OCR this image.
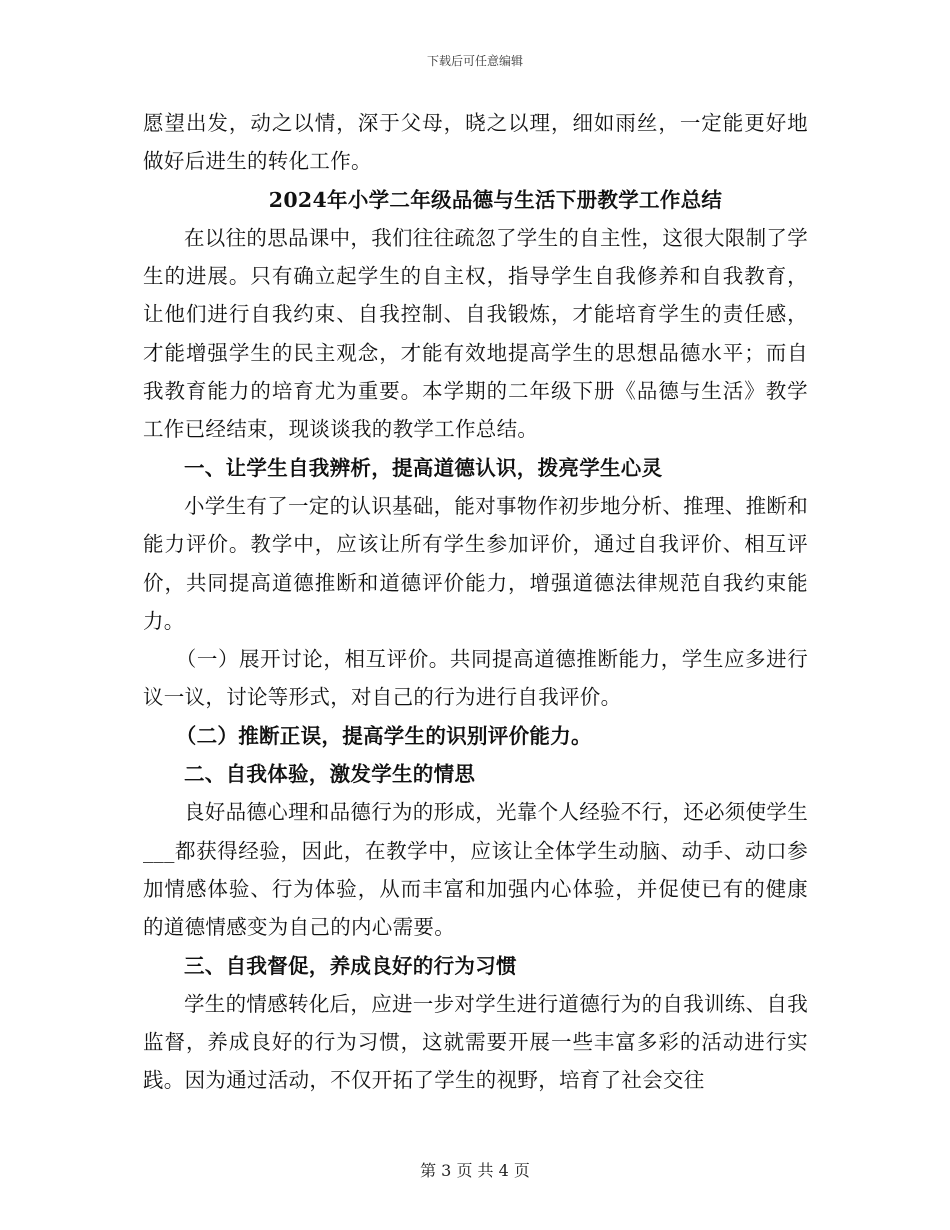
下载后可任意编辑

愿望出发，动之以情，深于父母，晓之以理，细如雨丝，一定能更好地做好后进生的转化工作。

2024年小学二年级品德与生活下册教学工作总结

在以往的思品课中，我们往往疏忽了学生的自主性，这很大限制了学生的进展。只有确立起学生的自主权，指导学生自我修养和自我教育，让他们进行自我约束、自我控制、自我锻炼，才能培育学生的责任感，才能增强学生的民主观念，才能有效地提高学生的思想品德水平；而自我教育能力的培育尤为重要。本学期的二年级下册《品德与生活》教学工作已经结束，现谈谈我的教学工作总结。

一、让学生自我辨析，提高道德认识，拨亮学生心灵

小学生有了一定的认识基础，能对事物作初步地分析、推理、推断和能力评价。教学中，应该让所有学生参加评价，通过自我评价、相互评价，共同提高道德推断和道德评价能力，增强道德法律规范自我约束能力。

（一）展开讨论，相互评价。共同提高道德推断能力，学生应多进行议一议，讨论等形式，对自己的行为进行自我评价。

（二）推断正误，提高学生的识别评价能力。

二、自我体验，激发学生的情思

良好品德心理和品德行为的形成，光靠个人经验不行，还必须使学生___都获得经验，因此，在教学中，应该让全体学生动脑、动手、动口参加情感体验、行为体验，从而丰富和加强内心体验，并促使已有的健康的道德情感变为自己的内心需要。

三、自我督促，养成良好的行为习惯

学生的情感转化后，应进一步对学生进行道德行为的自我训练、自我监督，养成良好的行为习惯，这就需要开展一些丰富多彩的活动进行实践。因为通过活动，不仅开拓了学生的视野，培育了社会交往

第 3 页 共 4 页
